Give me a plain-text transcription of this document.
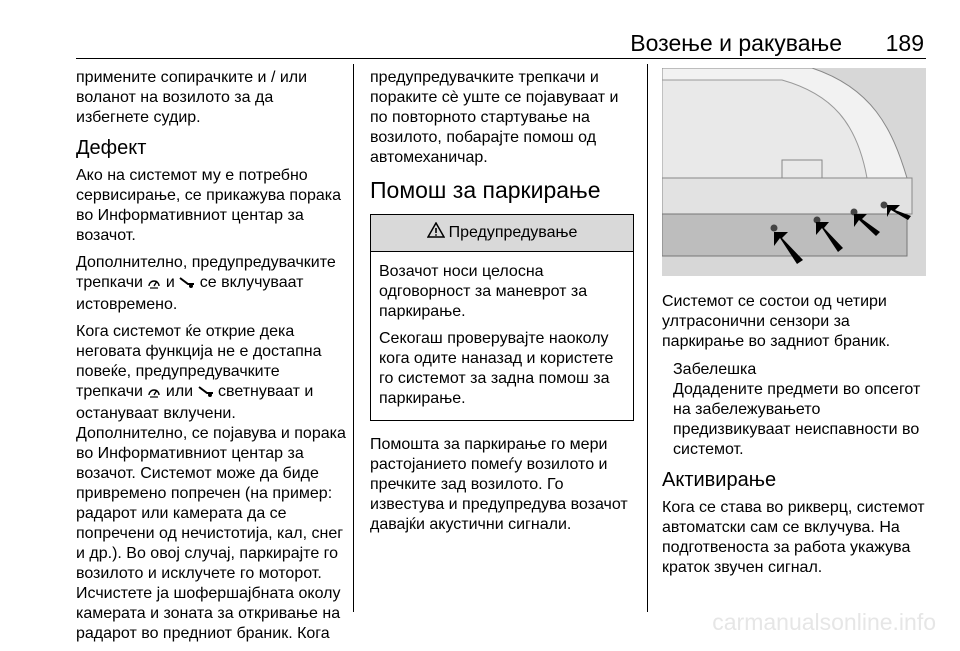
Возење и ракување 189

примените сопирачките и / или воланот на возилото за да избегнете судир.

Дефект

Ако на системот му е потребно сервисирање, се прикажува порака во Информативниот центар за возачот.

Дополнително, предупредувачките трепкачи и се вклучуваат истовремено.

Кога системот ќе открие дека неговата функција не е достапна повеќе, предупредувачките трепкачи или светнуваат и остануваат вклучени.

Дополнително, се појавува и порака во Информативниот центар за возачот. Системот може да биде привремено попречен (на пример: радарот или камерата да се попречени од нечистотија, кал, снег и др.). Во овој случај, паркирајте го возилото и исклучете го моторот. Исчистете ја шофершајбната околу камерата и зоната за откривање на радарот во предниот браник. Кога

предупредувачките трепкачи и пораките сè уште се појавуваат и по повторното стартување на возилото, побарајте помош од автомеханичар.

Помош за паркирање
Предупредување

Возачот носи целосна одговорност за маневрот за паркирање.

Секогаш проверувајте наоколу кога одите наназад и користете го системот за задна помош за паркирање.

Помошта за паркирање го мери растојанието помеѓу возилото и пречките зад возилото. Го известува и предупредува возачот давајќи акустични сигнали.

Системот се состои од четири ултрасонични сензори за паркирање во задниот браник.

Забелешка

Додадените предмети во опсегот на забележувањето предизвикуваат неиспавности во системот.

Активирање

Кога се става во рикверц, системот автоматски сам се вклучува. На подготвеноста за работа укажува краток звучен сигнал.

carmanualsonline.info
